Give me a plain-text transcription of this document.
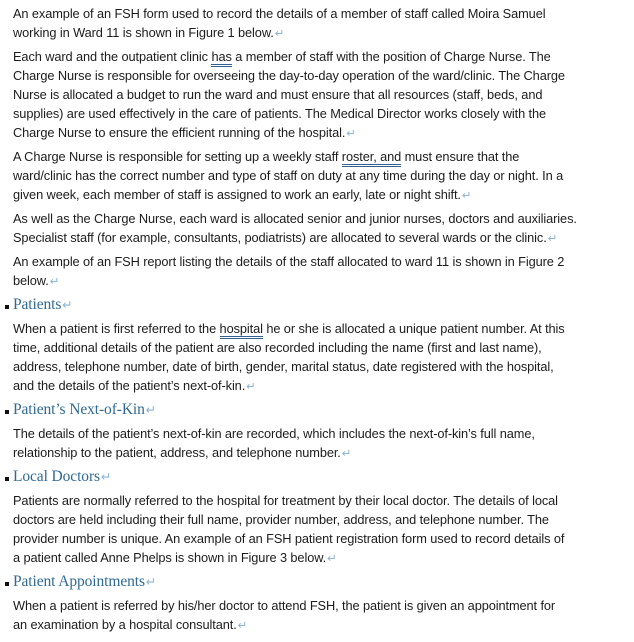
An example of an FSH form used to record the details of a member of staff called Moira Samuel
working in Ward 11 is shown in Figure 1 below.↵
Each ward and the outpatient clinic has a member of staff with the position of Charge Nurse. The
Charge Nurse is responsible for overseeing the day-to-day operation of the ward/clinic. The Charge
Nurse is allocated a budget to run the ward and must ensure that all resources (staff, beds, and
supplies) are used effectively in the care of patients. The Medical Director works closely with the
Charge Nurse to ensure the efficient running of the hospital.↵
A Charge Nurse is responsible for setting up a weekly staff roster, and must ensure that the
ward/clinic has the correct number and type of staff on duty at any time during the day or night. In a
given week, each member of staff is assigned to work an early, late or night shift.↵
As well as the Charge Nurse, each ward is allocated senior and junior nurses, doctors and auxiliaries.
Specialist staff (for example, consultants, podiatrists) are allocated to several wards or the clinic.↵
An example of an FSH report listing the details of the staff allocated to ward 11 is shown in Figure 2
below.↵
Patients↵
When a patient is first referred to the hospital he or she is allocated a unique patient number. At this
time, additional details of the patient are also recorded including the name (first and last name),
address, telephone number, date of birth, gender, marital status, date registered with the hospital,
and the details of the patient’s next-of-kin.↵
Patient’s Next-of-Kin↵
The details of the patient’s next-of-kin are recorded, which includes the next-of-kin’s full name,
relationship to the patient, address, and telephone number.↵
Local Doctors↵
Patients are normally referred to the hospital for treatment by their local doctor. The details of local
doctors are held including their full name, provider number, address, and telephone number. The
provider number is unique. An example of an FSH patient registration form used to record details of
a patient called Anne Phelps is shown in Figure 3 below.↵
Patient Appointments↵
When a patient is referred by his/her doctor to attend FSH, the patient is given an appointment for
an examination by a hospital consultant.↵
